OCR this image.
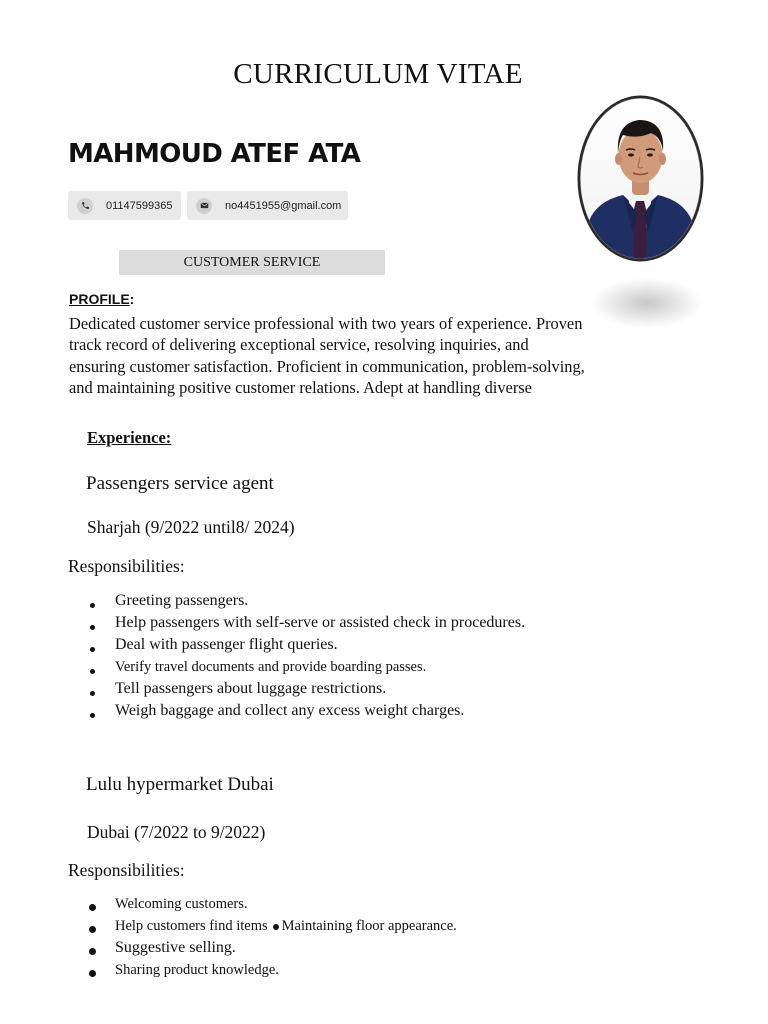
CURRICULUM VITAE
MAHMOUD ATEF ATA
01147599365	no4451955@gmail.com
CUSTOMER SERVICE
PROFILE:
Dedicated customer service professional with two years of experience. Proven
track record of delivering exceptional service, resolving inquiries, and
ensuring customer satisfaction. Proficient in communication, problem-solving,
and maintaining positive customer relations. Adept at handling diverse
Experience:
Passengers service agent
Sharjah (9/2022 until8/ 2024)
Responsibilities:
Greeting passengers.
Help passengers with self-serve or assisted check in procedures.
Deal with passenger flight queries.
Verify travel documents and provide boarding passes.
Tell passengers about luggage restrictions.
Weigh baggage and collect any excess weight charges.
Lulu hypermarket Dubai
Dubai (7/2022 to 9/2022)
Responsibilities:
Welcoming customers.
Help customers find items Maintaining floor appearance.
Suggestive selling.
Sharing product knowledge.
